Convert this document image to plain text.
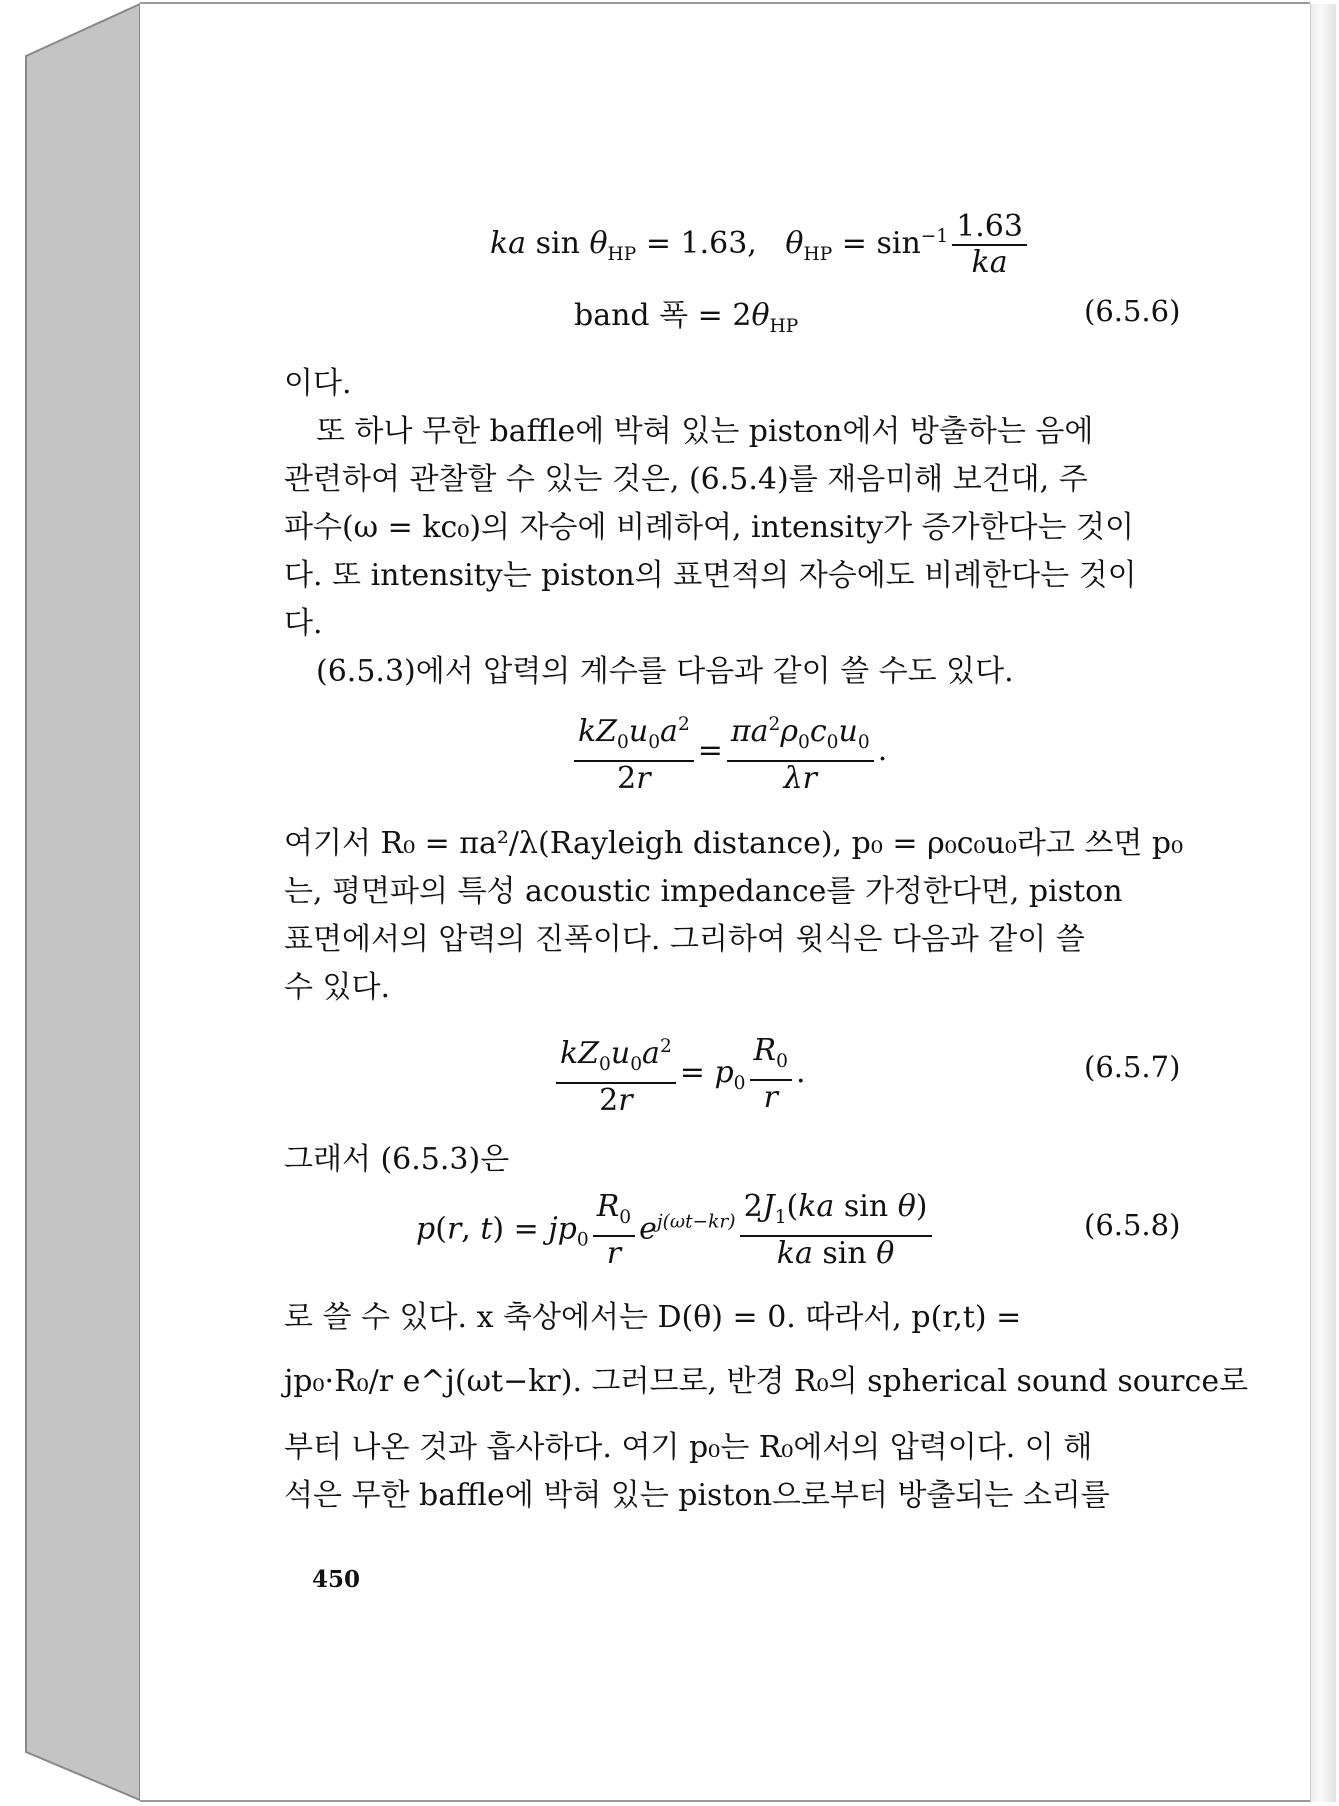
ka $\sin \theta_{HP} = 1.63$,   $\theta_{HP} = \sin^{-1} \frac{1.63}{ka}$
band 폭 = $2\theta_{HP}$	(6.5.6)
이다.
또 하나 무한 baffle에 박혀 있는 piston에서 방출하는 음에
관련하여 관찰할 수 있는 것은, (6.5.4)를 재음미해 보건대, 주
파수(ω = kc₀)의 자승에 비례하여, intensity가 증가한다는 것이
다. 또 intensity는 piston의 표면적의 자승에도 비례한다는 것이
다.
(6.5.3)에서 압력의 계수를 다음과 같이 쓸 수도 있다.
$\frac{kZ_0u_0a^2}{2r} = \frac{\pi a^2\rho_0c_0u_0}{\lambda r}$ .
여기서 R₀ = πa²/λ(Rayleigh distance), p₀ = ρ₀c₀u₀라고 쓰면 p₀
는, 평면파의 특성 acoustic impedance를 가정한다면, piston
표면에서의 압력의 진폭이다. 그리하여 윗식은 다음과 같이 쓸
수 있다.
$\frac{kZ_0u_0a^2}{2r} = p_0 \frac{R_0}{r}$ .	(6.5.7)
그래서 (6.5.3)은
p(r, $t) = jp_0 \frac{R_0}{r} e^{j(\omega t-kr)} \frac{2J_1(ka \sin \theta)}{\text{ka sin θ}}$	(6.5.8)
로 쓸 수 있다. x 축상에서는 D(θ) = 0. 따라서, p(r,t) =
jp₀·R₀/r e^j(ωt−kr). 그러므로, 반경 R₀의 spherical sound source로
부터 나온 것과 흡사하다. 여기 p₀는 R₀에서의 압력이다. 이 해
석은 무한 baffle에 박혀 있는 piston으로부터 방출되는 소리를
450
